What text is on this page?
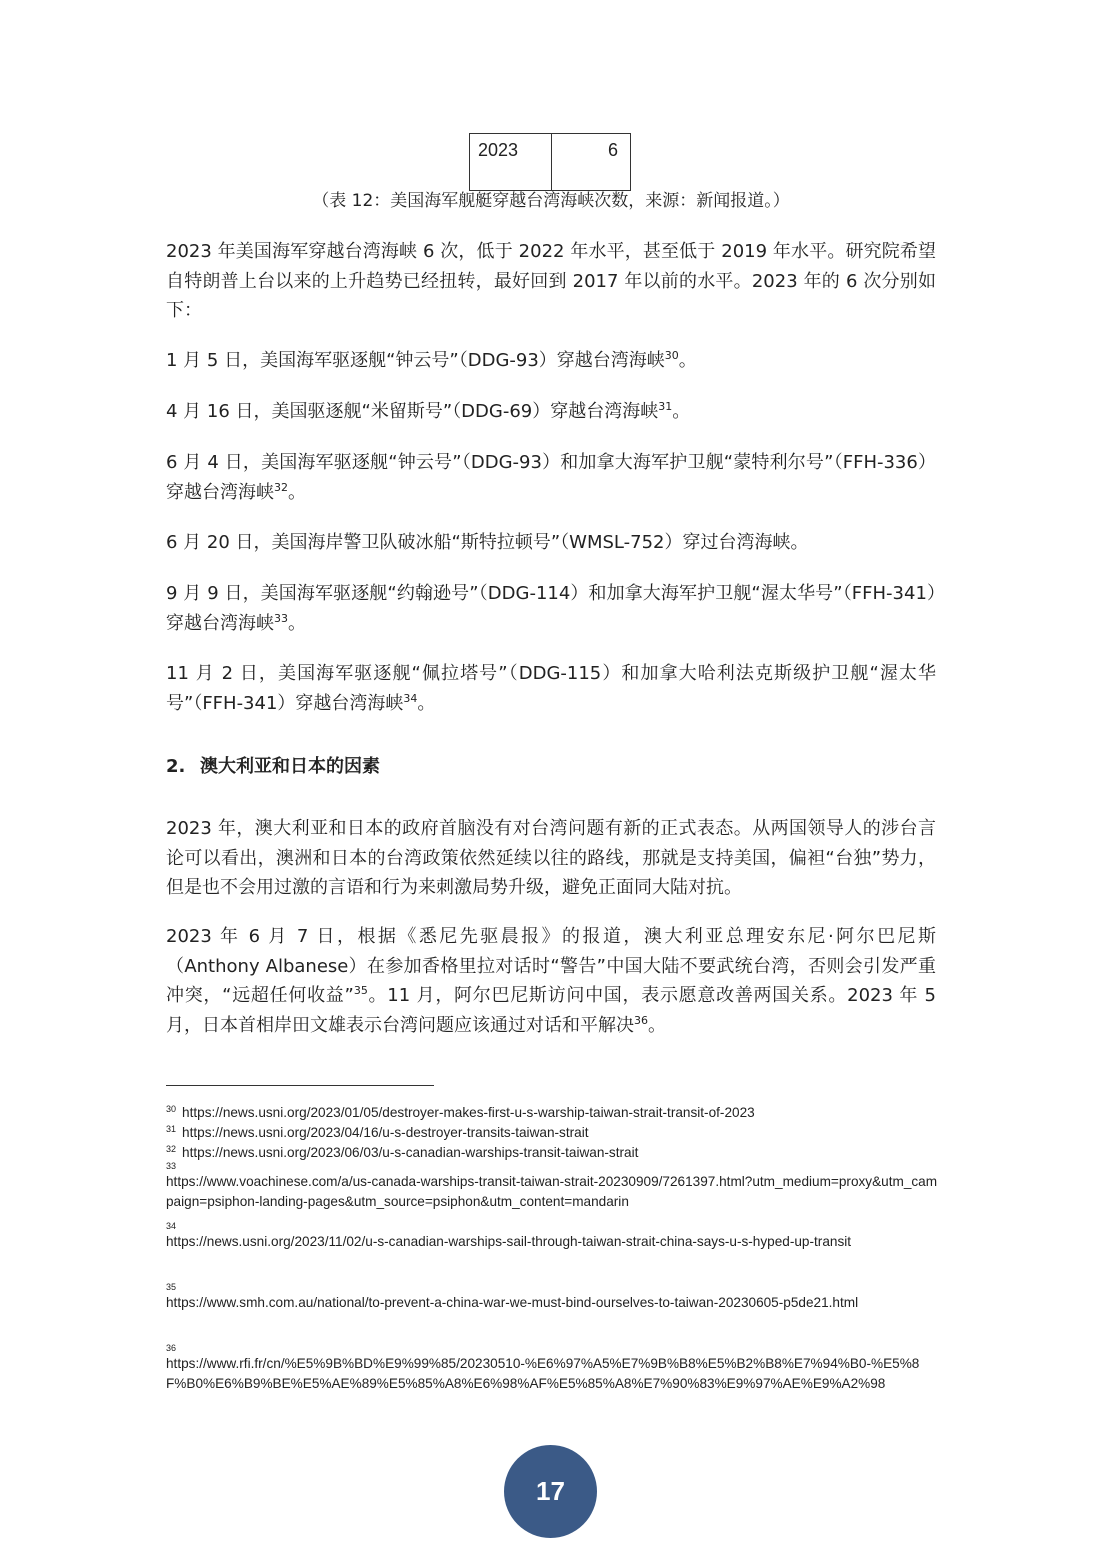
2023	6
（表 12：美国海军舰艇穿越台湾海峡次数，来源：新闻报道。）

2023 年美国海军穿越台湾海峡 6 次，低于 2022 年水平，甚至低于 2019 年水平。研究院希望自特朗普上台以来的上升趋势已经扭转，最好回到 2017 年以前的水平。2023 年的 6 次分别如下：

1 月 5 日，美国海军驱逐舰“钟云号”（DDG-93）穿越台湾海峡$^{30}$。

4 月 16 日，美国驱逐舰“米留斯号”（DDG-69）穿越台湾海峡$^{31}$。

6 月 4 日，美国海军驱逐舰“钟云号”（DDG-93）和加拿大海军护卫舰“蒙特利尔号”（FFH-336）穿越台湾海峡$^{32}$。

6 月 20 日，美国海岸警卫队破冰船“斯特拉顿号”（WMSL-752）穿过台湾海峡。

9 月 9 日，美国海军驱逐舰“约翰逊号”（DDG-114）和加拿大海军护卫舰“渥太华号”（FFH-341）穿越台湾海峡$^{33}$。

11 月 2 日，美国海军驱逐舰“佩拉塔号”（DDG-115）和加拿大哈利法克斯级护卫舰“渥太华号”（FFH-341）穿越台湾海峡$^{34}$。

2. 澳大利亚和日本的因素

2023 年，澳大利亚和日本的政府首脑没有对台湾问题有新的正式表态。从两国领导人的涉台言论可以看出，澳洲和日本的台湾政策依然延续以往的路线，那就是支持美国，偏袒“台独”势力，但是也不会用过激的言语和行为来刺激局势升级，避免正面同大陆对抗。

2023 年 6 月 7 日，根据《悉尼先驱晨报》的报道，澳大利亚总理安东尼·阿尔巴尼斯（Anthony Albanese）在参加香格里拉对话时“警告”中国大陆不要武统台湾，否则会引发严重冲突，“远超任何收益”$^{35}$。11 月，阿尔巴尼斯访问中国，表示愿意改善两国关系。2023 年 5 月，日本首相岸田文雄表示台湾问题应该通过对话和平解决$^{36}$。

$^{30}$ https://news.usni.org/2023/01/05/destroyer-makes-first-u-s-warship-taiwan-strait-transit-of-2023
$^{31}$ https://news.usni.org/2023/04/16/u-s-destroyer-transits-taiwan-strait
$^{32}$ https://news.usni.org/2023/06/03/u-s-canadian-warships-transit-taiwan-strait
33
https://www.voachinese.com/a/us-canada-warships-transit-taiwan-strait-20230909/7261397.html?utm_medium=proxy&utm_campaign=psiphon-landing-pages&utm_source=psiphon&utm_content=mandarin
34
https://news.usni.org/2023/11/02/u-s-canadian-warships-sail-through-taiwan-strait-china-says-u-s-hyped-up-transit
35
https://www.smh.com.au/national/to-prevent-a-china-war-we-must-bind-ourselves-to-taiwan-20230605-p5de21.html
36
https://www.rfi.fr/cn/%E5%9B%BD%E9%99%85/20230510-%E6%97%A5%E7%9B%B8%E5%B2%B8%E7%94%B0-%E5%8F%B0%E6%B9%BE%E5%AE%89%E5%85%A8%E6%98%AF%E5%85%A8%E7%90%83%E9%97%AE%E9%A2%98
17
